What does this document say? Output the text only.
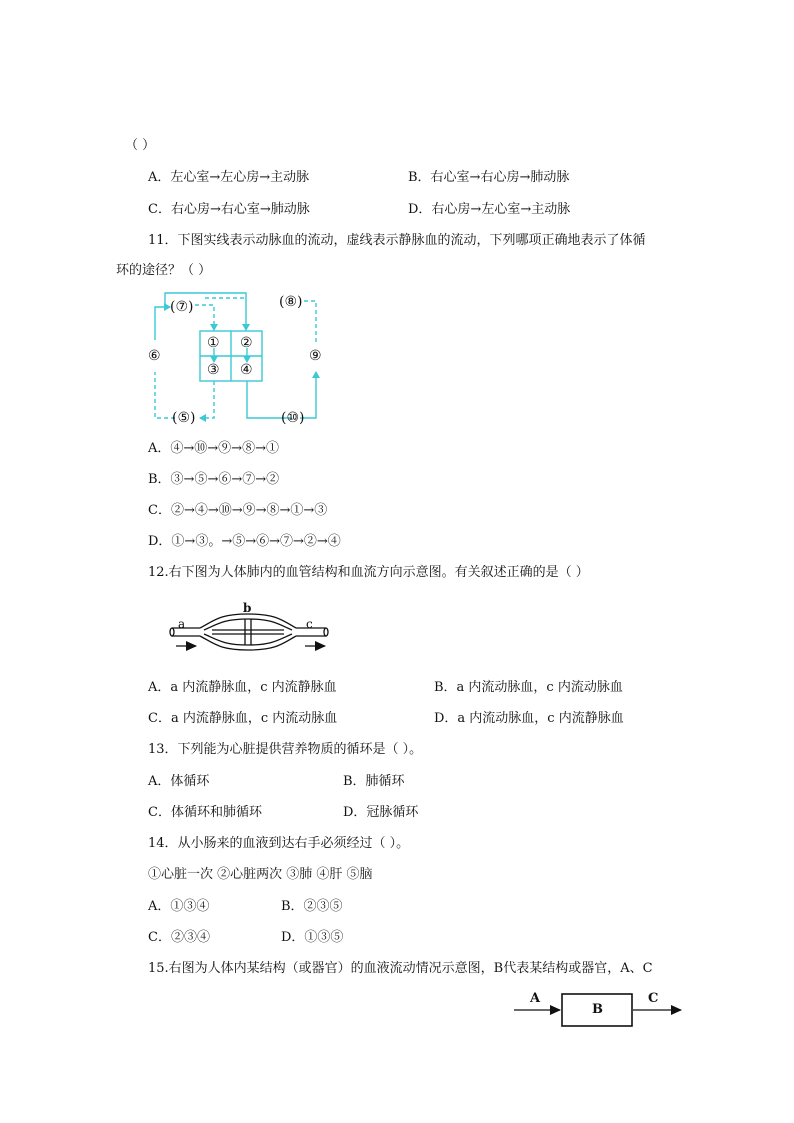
（ ）
A．左心室→左心房→主动脉	B．右心室→右心房→肺动脉
C．右心房→右心室→肺动脉	D．右心房→左心室→主动脉
11．下图实线表示动脉血的流动，虚线表示静脉血的流动，下列哪项正确地表示了体循
环的途径？（ ）
① ②
③ ④
(⑦)	(⑧)
⑥	⑨
(⑤)	(⑩)
A．④→⑩→⑨→⑧→①
B．③→⑤→⑥→⑦→②
C．②→④→⑩→⑨→⑧→①→③
D．①→③。→⑤→⑥→⑦→②→④
12.右下图为人体肺内的血管结构和血流方向示意图。有关叙述正确的是（ ）
a
b
c
A．a 内流静脉血，c 内流静脉血	B．a 内流动脉血，c 内流动脉血
C．a 内流静脉血，c 内流动脉血	D．a 内流动脉血，c 内流静脉血
13．下列能为心脏提供营养物质的循环是（ ）。
A．体循环	B．肺循环
C．体循环和肺循环	D．冠脉循环
14．从小肠来的血液到达右手必须经过（ ）。
①心脏一次 ②心脏两次 ③肺 ④肝 ⑤脑
A．①③④	B．②③⑤
C．②③④	D．①③⑤
15.右图为人体内某结构（或器官）的血液流动情况示意图，B代表某结构或器官，A、C
A
B
C
